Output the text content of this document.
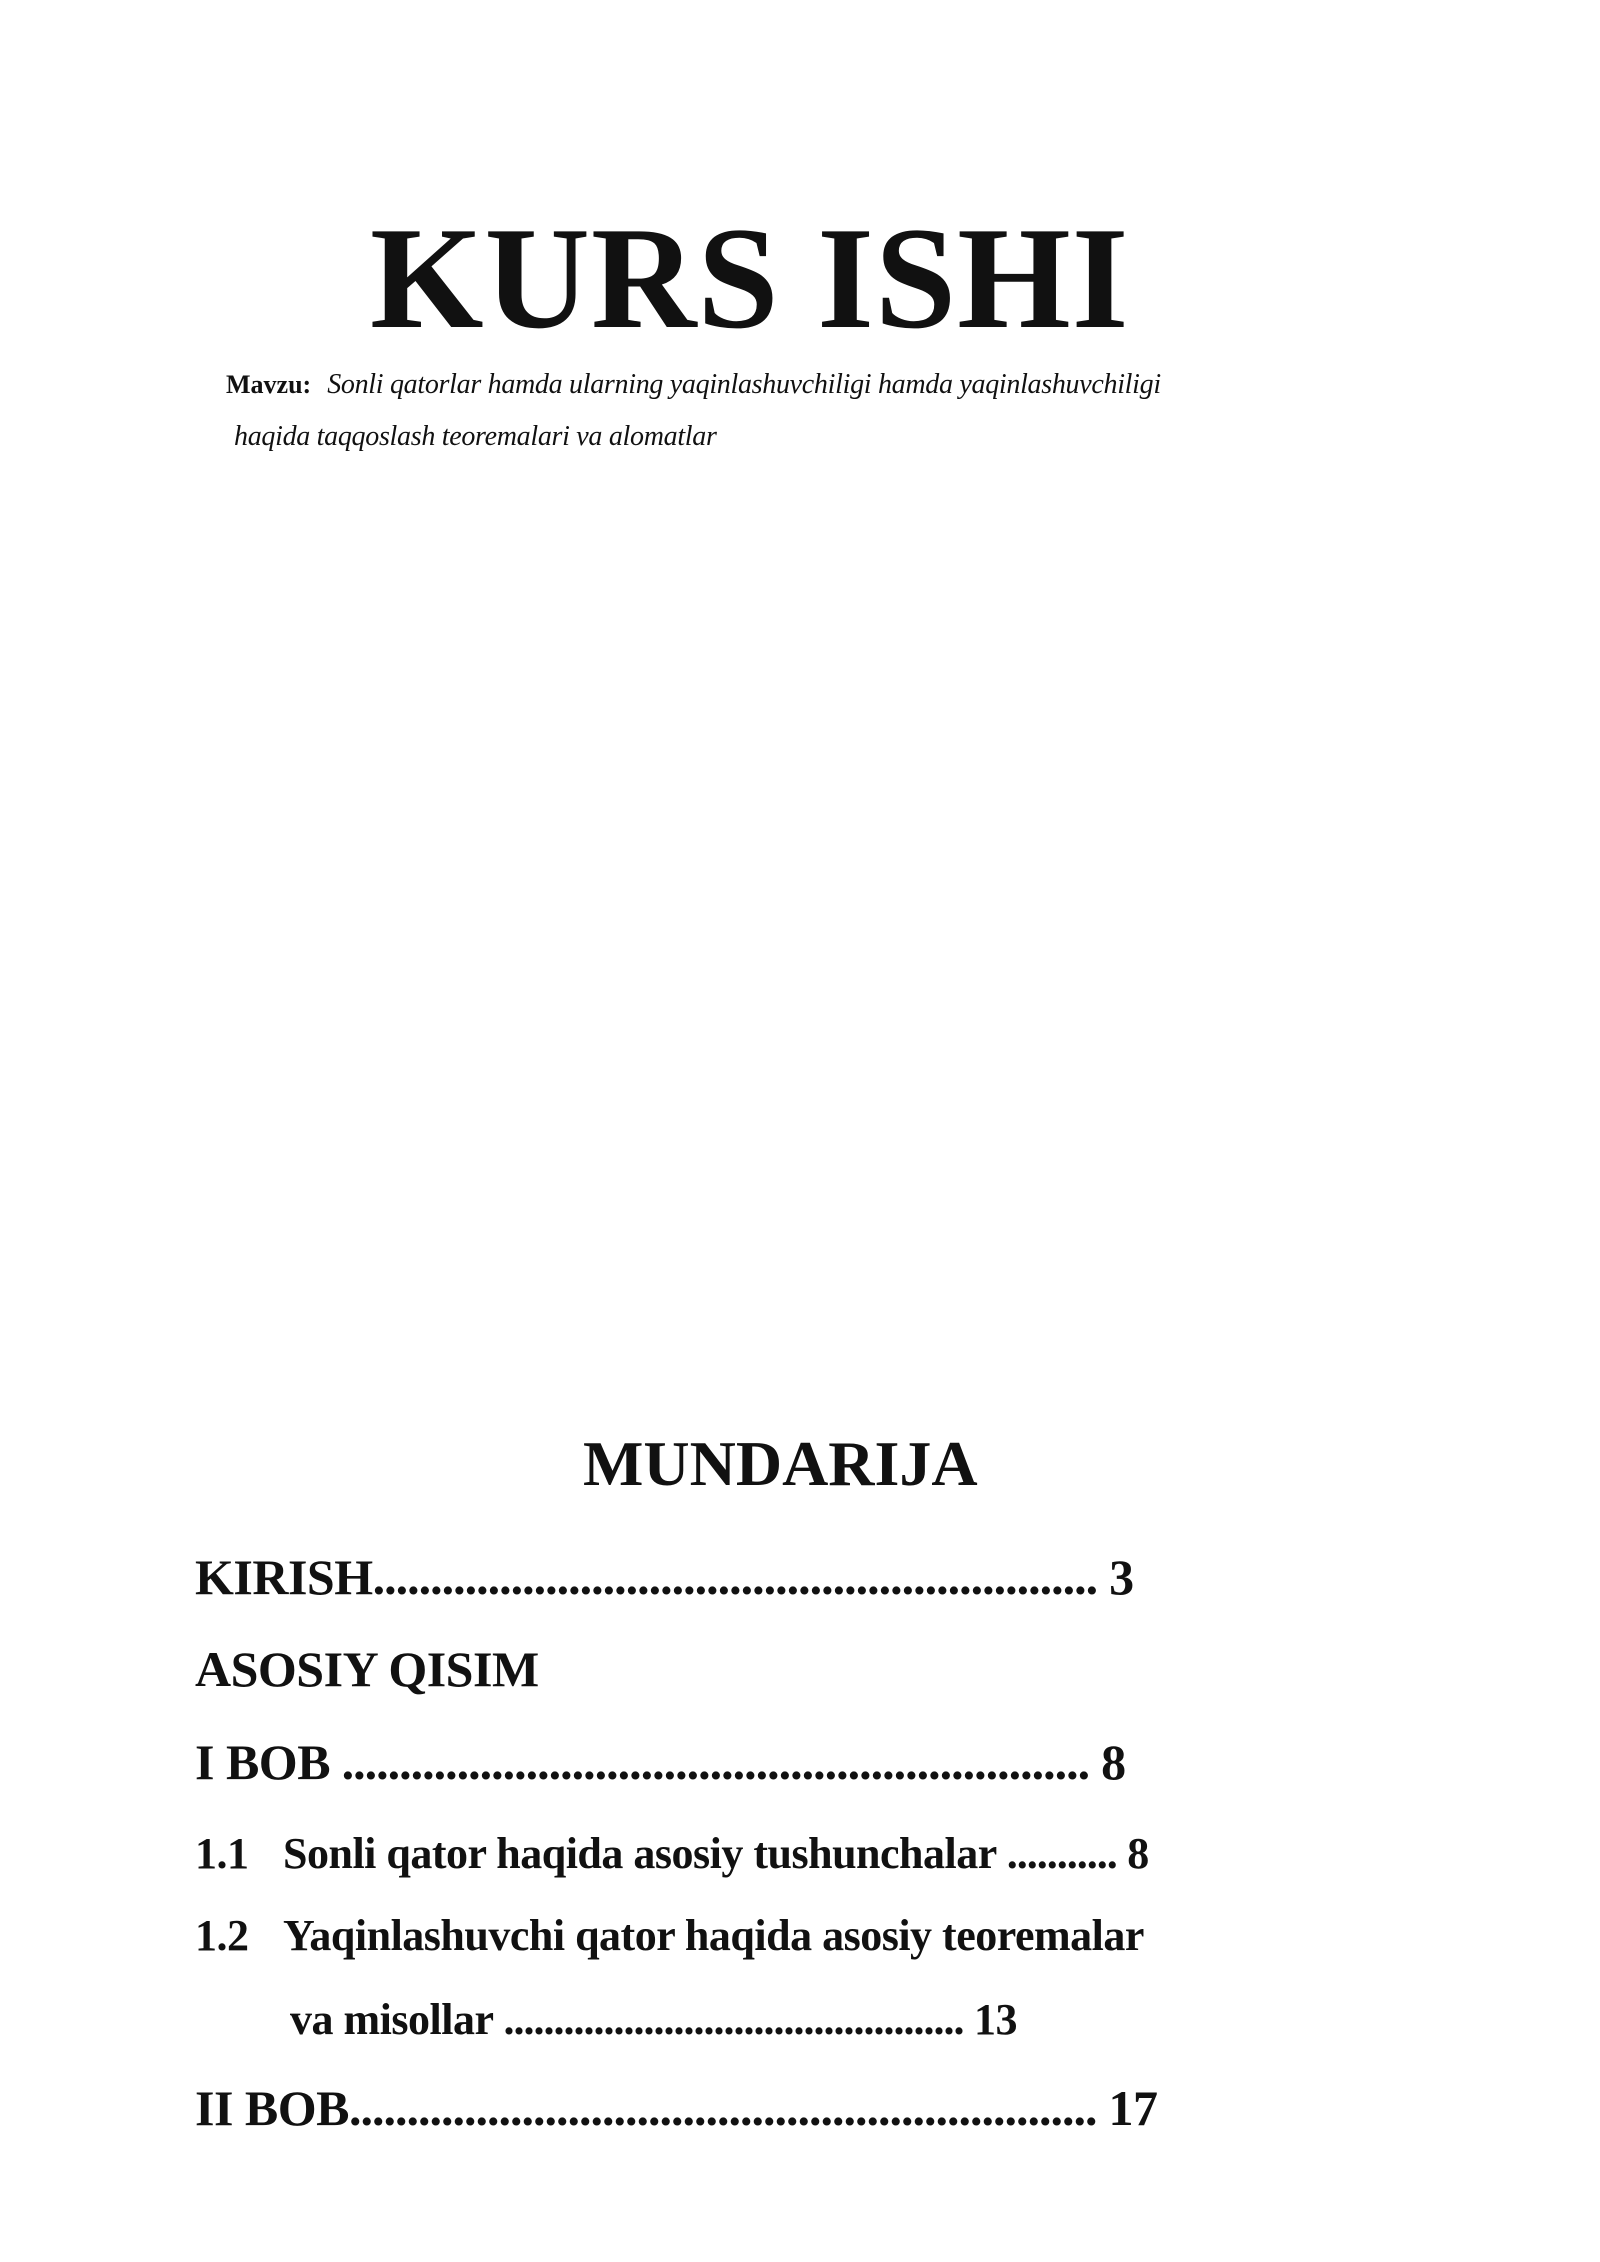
KURS ISHI

Mavzu: Sonli qatorlar hamda ularning yaqinlashuvchiligi hamda yaqinlashuvchiligi

haqida taqqoslash teoremalari va alomatlar

MUNDARIJA

KIRISH............................................................... 3

ASOSIY QISIM

I BOB ................................................................. 8

1.1 Sonli qator haqida asosiy tushunchalar ........... 8

1.2 Yaqinlashuvchi qator haqida asosiy teoremalar

va misollar .............................................. 13

II BOB................................................................. 17
